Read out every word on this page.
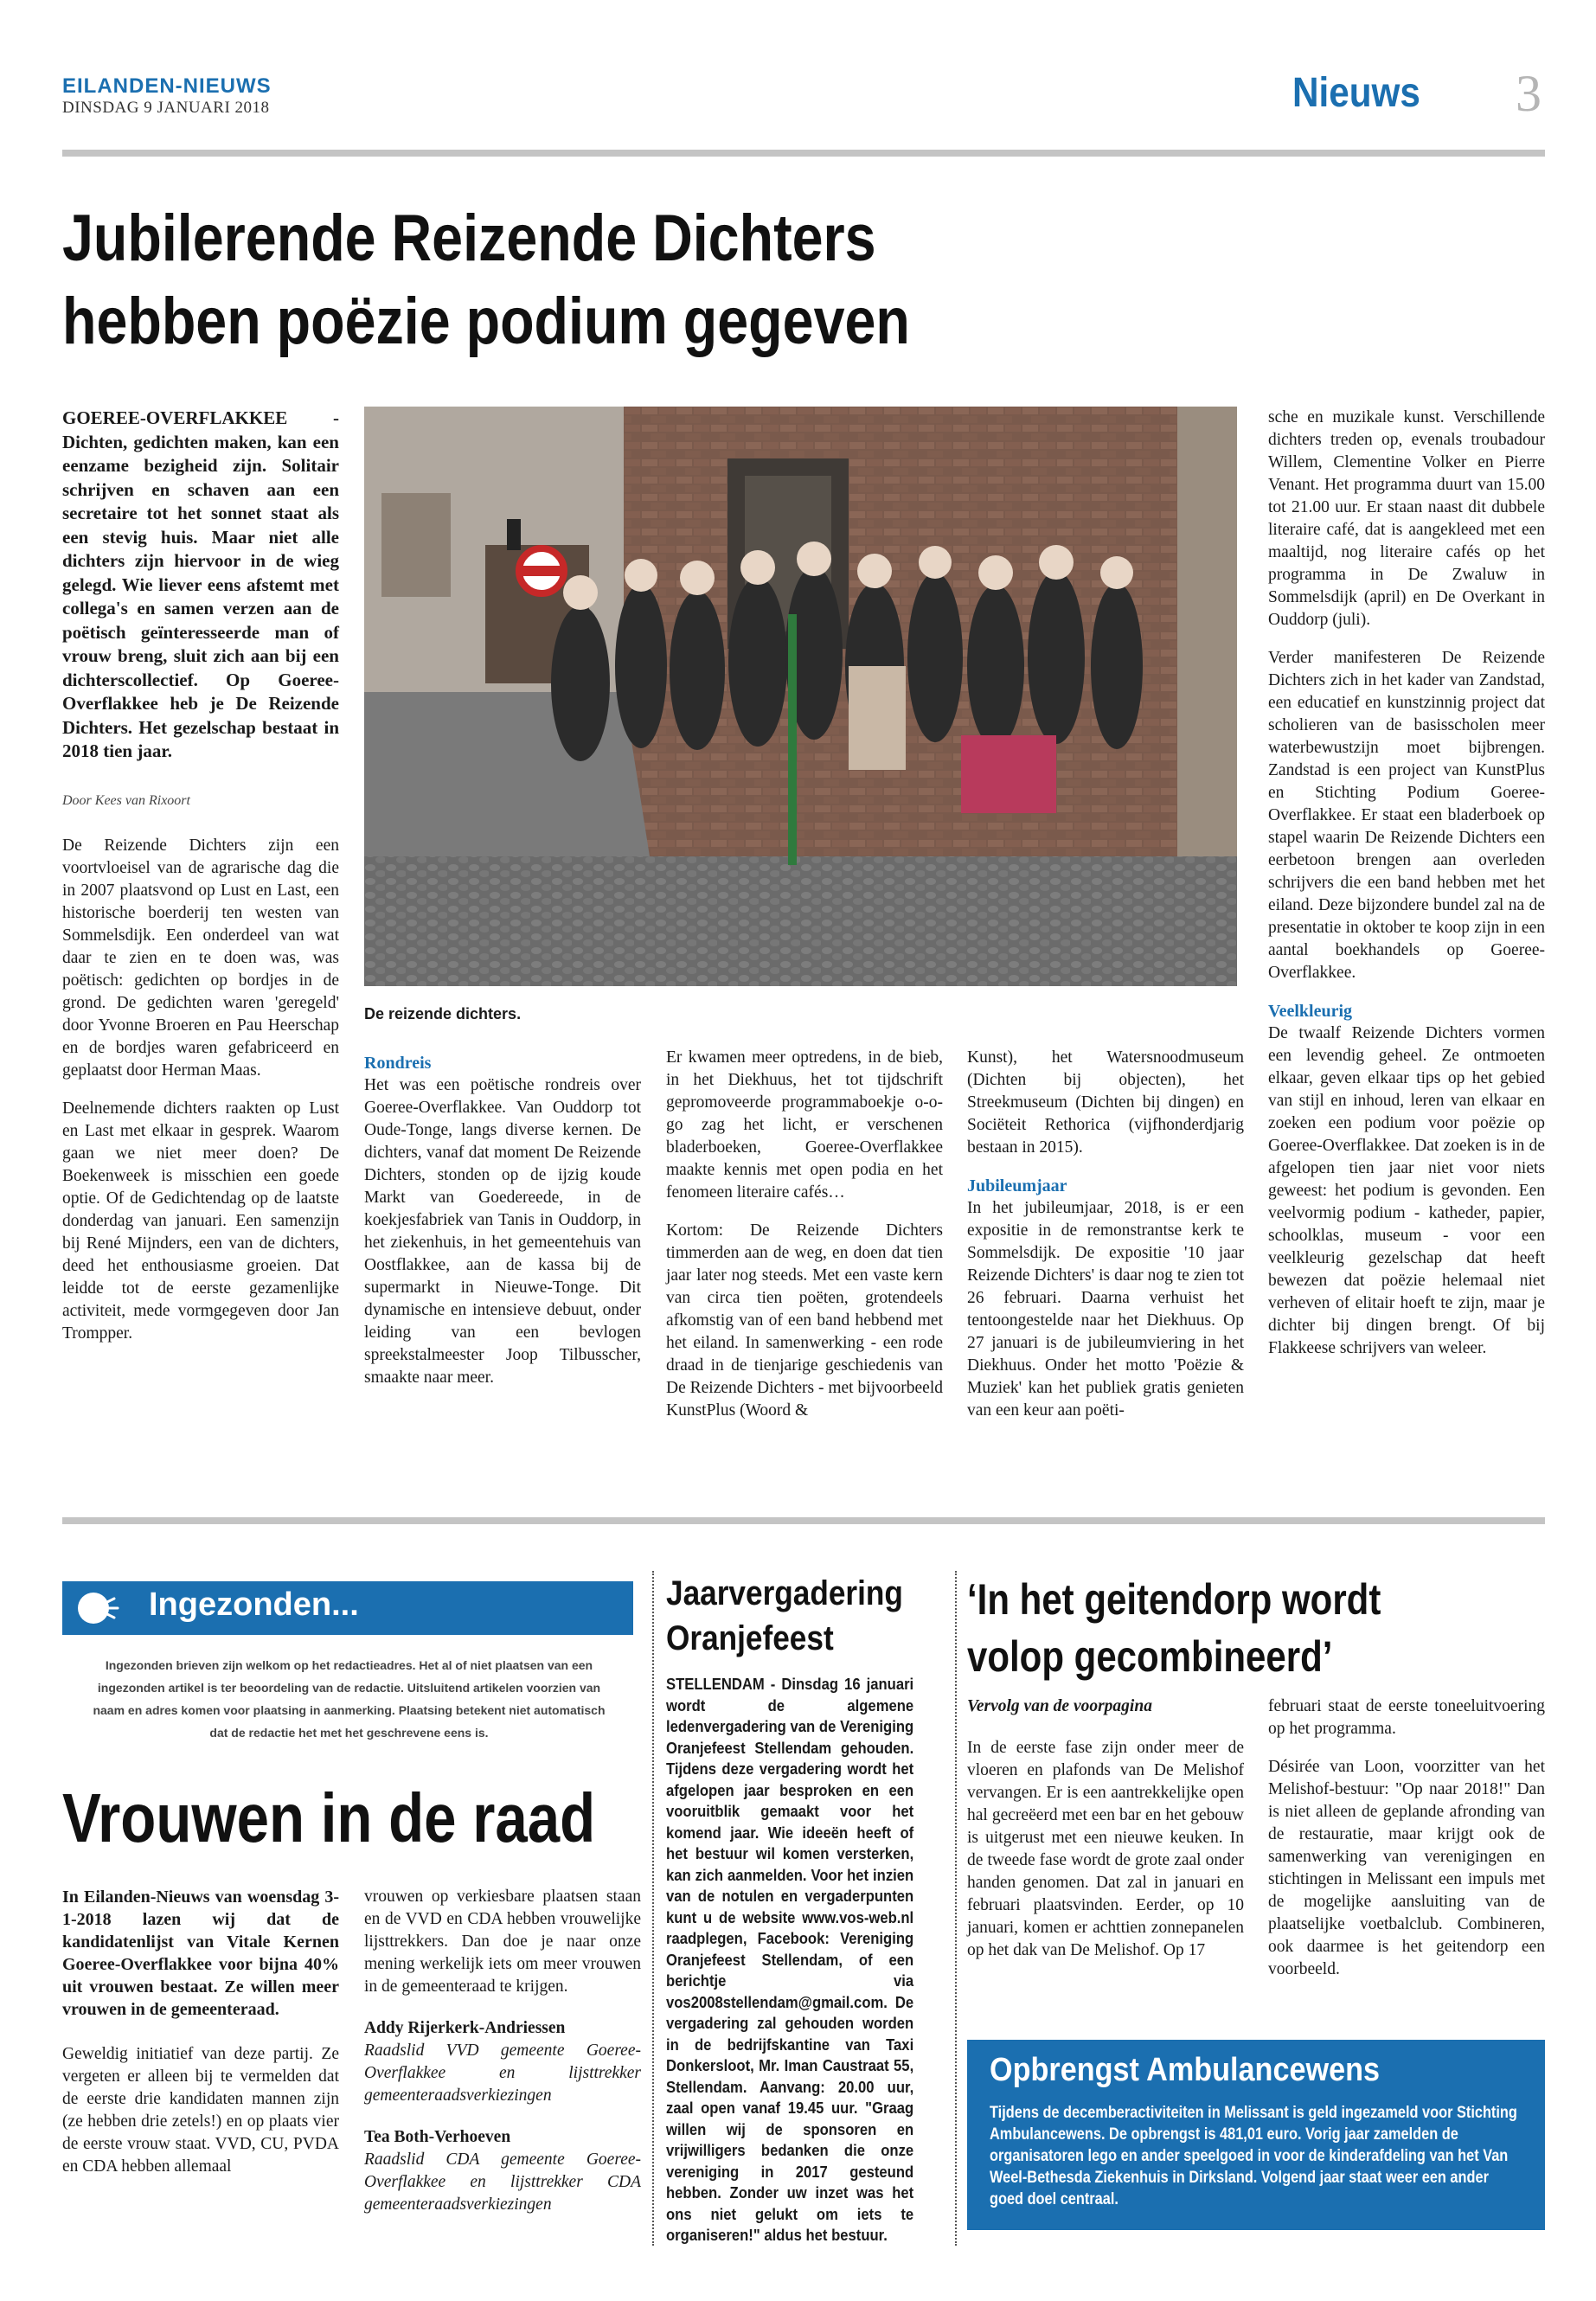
EILANDEN-NIEUWS
DINSDAG 9 JANUARI 2018	Nieuws 3
Jubilerende Reizende Dichters
hebben poëzie podium gegeven
GOEREE-OVERFLAKKEE - Dichten, gedichten maken, kan een eenzame bezigheid zijn. Solitair schrijven en schaven aan een secretaire tot het sonnet staat als een stevig huis. Maar niet alle dichters zijn hiervoor in de wieg gelegd. Wie liever eens afstemt met collega's en samen verzen aan de poëtisch geïnteresseerde man of vrouw breng, sluit zich aan bij een dichterscollectief. Op Goeree-Overflakkee heb je De Reizende Dichters. Het gezelschap bestaat in 2018 tien jaar.

Door Kees van Rixoort

De Reizende Dichters zijn een voortvloeisel van de agrarische dag die in 2007 plaatsvond op Lust en Last, een historische boerderij ten westen van Sommelsdijk. Een onderdeel van wat daar te zien en te doen was, was poëtisch: gedichten op bordjes in de grond. De gedichten waren 'geregeld' door Yvonne Broeren en Pau Heerschap en de bordjes waren gefabriceerd en geplaatst door Herman Maas.

Deelnemende dichters raakten op Lust en Last met elkaar in gesprek. Waarom gaan we niet meer doen? De Boekenweek is misschien een goede optie. Of de Gedichtendag op de laatste donderdag van januari. Een samenzijn bij René Mijnders, een van de dichters, deed het enthousiasme groeien. Dat leidde tot de eerste gezamenlijke activiteit, mede vormgegeven door Jan Trompper.

De reizende dichters.
Rondreis

Het was een poëtische rondreis over Goeree-Overflakkee. Van Ouddorp tot Oude-Tonge, langs diverse kernen. De dichters, vanaf dat moment De Reizende Dichters, stonden op de ijzig koude Markt van Goedereede, in de koekjesfabriek van Tanis in Ouddorp, in het ziekenhuis, in het gemeentehuis van Oostflakkee, aan de kassa bij de supermarkt in Nieuwe-Tonge. Dit dynamische en intensieve debuut, onder leiding van een bevlogen spreekstalmeester Joop Tilbusscher, smaakte naar meer.

Er kwamen meer optredens, in de bieb, in het Diekhuus, het tot tijdschrift gepromoveerde programmaboekje o-o-go zag het licht, er verschenen bladerboeken, Goeree-Overflakkee maakte kennis met open podia en het fenomeen literaire cafés…

Kortom: De Reizende Dichters timmerden aan de weg, en doen dat tien jaar later nog steeds. Met een vaste kern van circa tien poëten, grotendeels afkomstig van of een band hebbend met het eiland. In samenwerking - een rode draad in de tienjarige geschiedenis van De Reizende Dichters - met bijvoorbeeld KunstPlus (Woord &

Kunst), het Watersnoodmuseum (Dichten bij objecten), het Streekmuseum (Dichten bij dingen) en Sociëteit Rethorica (vijfhonderdjarig bestaan in 2015).

Jubileumjaar

In het jubileumjaar, 2018, is er een expositie in de remonstrantse kerk te Sommelsdijk. De expositie '10 jaar Reizende Dichters' is daar nog te zien tot 26 februari. Daarna verhuist het tentoongestelde naar het Diekhuus. Op 27 januari is de jubileumviering in het Diekhuus. Onder het motto 'Poëzie & Muziek' kan het publiek gratis genieten van een keur aan poëti-

sche en muzikale kunst. Verschillende dichters treden op, evenals troubadour Willem, Clementine Volker en Pierre Venant. Het programma duurt van 15.00 tot 21.00 uur. Er staan naast dit dubbele literaire café, dat is aangekleed met een maaltijd, nog literaire cafés op het programma in De Zwaluw in Sommelsdijk (april) en De Overkant in Ouddorp (juli).

Verder manifesteren De Reizende Dichters zich in het kader van Zandstad, een educatief en kunstzinnig project dat scholieren van de basisscholen meer waterbewustzijn moet bijbrengen. Zandstad is een project van KunstPlus en Stichting Podium Goeree-Overflakkee. Er staat een bladerboek op stapel waarin De Reizende Dichters een eerbetoon brengen aan overleden schrijvers die een band hebben met het eiland. Deze bijzondere bundel zal na de presentatie in oktober te koop zijn in een aantal boekhandels op Goeree-Overflakkee.

Veelkleurig

De twaalf Reizende Dichters vormen een levendig geheel. Ze ontmoeten elkaar, geven elkaar tips op het gebied van stijl en inhoud, leren van elkaar en zoeken een podium voor poëzie op Goeree-Overflakkee. Dat zoeken is in de afgelopen tien jaar niet voor niets geweest: het podium is gevonden. Een veelvormig podium - katheder, papier, schoolklas, museum - voor een veelkleurig gezelschap dat heeft bewezen dat poëzie helemaal niet verheven of elitair hoeft te zijn, maar je dichter bij dingen brengt. Of bij Flakkeese schrijvers van weleer.

Ingezonden...
Ingezonden brieven zijn welkom op het redactieadres. Het al of niet plaatsen van een ingezonden artikel is ter beoordeling van de redactie. Uitsluitend artikelen voorzien van naam en adres komen voor plaatsing in aanmerking. Plaatsing betekent niet automatisch dat de redactie het met het geschrevene eens is.
Vrouwen in de raad
In Eilanden-Nieuws van woensdag 3-1-2018 lazen wij dat de kandidatenlijst van Vitale Kernen Goeree-Overflakkee voor bijna 40% uit vrouwen bestaat. Ze willen meer vrouwen in de gemeenteraad.

Geweldig initiatief van deze partij. Ze vergeten er alleen bij te vermelden dat de eerste drie kandidaten mannen zijn (ze hebben drie zetels!) en op plaats vier de eerste vrouw staat. VVD, CU, PVDA en CDA hebben allemaal

vrouwen op verkiesbare plaatsen staan en de VVD en CDA hebben vrouwelijke lijsttrekkers. Dan doe je naar onze mening werkelijk iets om meer vrouwen in de gemeenteraad te krijgen.

Addy Rijerkerk-Andriessen
Raadslid VVD gemeente Goeree-Overflakkee en lijsttrekker gemeenteraadsverkiezingen
Tea Both-Verhoeven
Raadslid CDA gemeente Goeree-Overflakkee en lijsttrekker CDA gemeenteraadsverkiezingen
Jaarvergadering
Oranjefeest
STELLENDAM - Dinsdag 16 januari wordt de algemene ledenvergadering van de Vereniging Oranjefeest Stellendam gehouden. Tijdens deze vergadering wordt het afgelopen jaar besproken en een vooruitblik gemaakt voor het komend jaar. Wie ideeën heeft of het bestuur wil komen versterken, kan zich aanmelden. Voor het inzien van de notulen en vergaderpunten kunt u de website www.vos-web.nl raadplegen, Facebook: Vereniging Oranjefeest Stellendam, of een berichtje via vos2008stellendam@gmail.com. De vergadering zal gehouden worden in de bedrijfskantine van Taxi Donkersloot, Mr. Iman Caustraat 55, Stellendam. Aanvang: 20.00 uur, zaal open vanaf 19.45 uur. "Graag willen wij de sponsoren en vrijwilligers bedanken die onze vereniging in 2017 gesteund hebben. Zonder uw inzet was het ons niet gelukt om iets te organiseren!" aldus het bestuur.
‘In het geitendorp wordt
volop gecombineerd’

Vervolg van de voorpagina

In de eerste fase zijn onder meer de vloeren en plafonds van De Melishof vervangen. Er is een aantrekkelijke open hal gecreëerd met een bar en het gebouw is uitgerust met een nieuwe keuken. In de tweede fase wordt de grote zaal onder handen genomen. Dat zal in januari en februari plaatsvinden. Eerder, op 10 januari, komen er achttien zonnepanelen op het dak van De Melishof. Op 17

februari staat de eerste toneeluitvoering op het programma.

Désirée van Loon, voorzitter van het Melishof-bestuur: "Op naar 2018!" Dan is niet alleen de geplande afronding van de restauratie, maar krijgt ook de samenwerking van verenigingen en stichtingen in Melissant een impuls met de mogelijke aansluiting van de plaatselijke voetbalclub. Combineren, ook daarmee is het geitendorp een voorbeeld.

Opbrengst Ambulancewens
Tijdens de decemberactiviteiten in Melissant is geld ingezameld voor Stichting Ambulancewens. De opbrengst is 481,01 euro. Vorig jaar zamelden de organisatoren lego en ander speelgoed in voor de kinderafdeling van het Van Weel-Bethesda Ziekenhuis in Dirksland. Volgend jaar staat weer een ander goed doel centraal.
